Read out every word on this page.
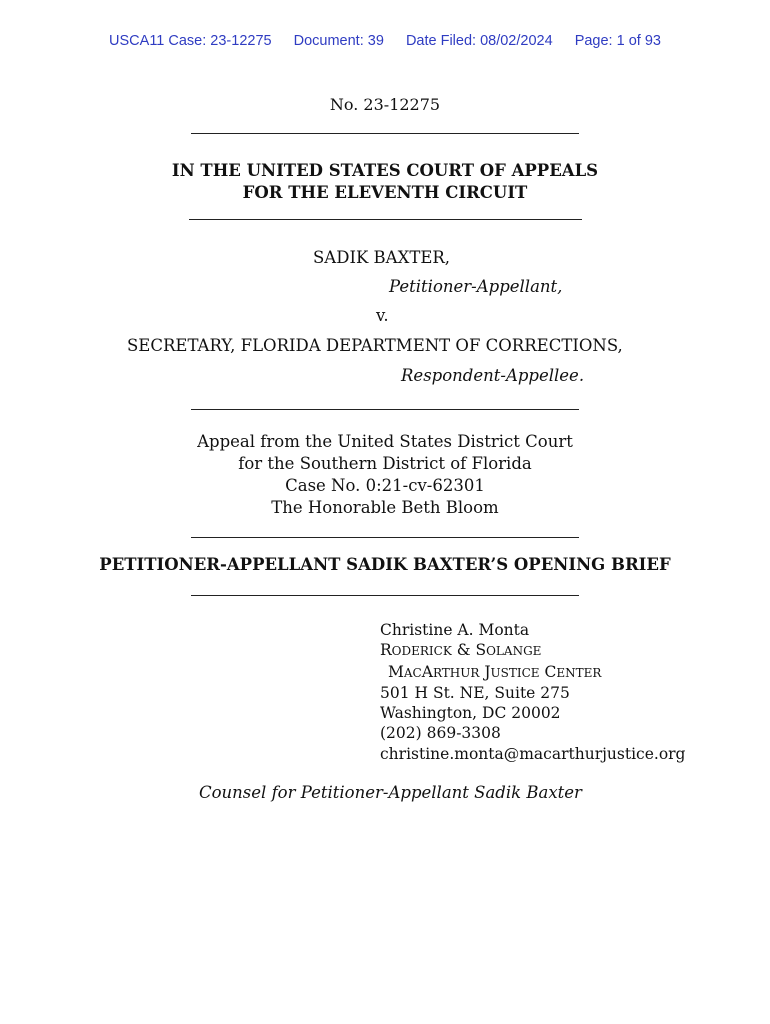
USCA11 Case: 23-12275 Document: 39 Date Filed: 08/02/2024 Page: 1 of 93
No. 23-12275
IN THE UNITED STATES COURT OF APPEALS
FOR THE ELEVENTH CIRCUIT
SADIK BAXTER,
Petitioner-Appellant,
v.
SECRETARY, FLORIDA DEPARTMENT OF CORRECTIONS,
Respondent-Appellee.
Appeal from the United States District Court
for the Southern District of Florida
Case No. 0:21-cv-62301
The Honorable Beth Bloom
PETITIONER-APPELLANT SADIK BAXTER’S OPENING BRIEF
Christine A. Monta
RODERICK & SOLANGE
MACARTHUR JUSTICE CENTER
501 H St. NE, Suite 275
Washington, DC 20002
(202) 869-3308
christine.monta@macarthurjustice.org
Counsel for Petitioner-Appellant Sadik Baxter
